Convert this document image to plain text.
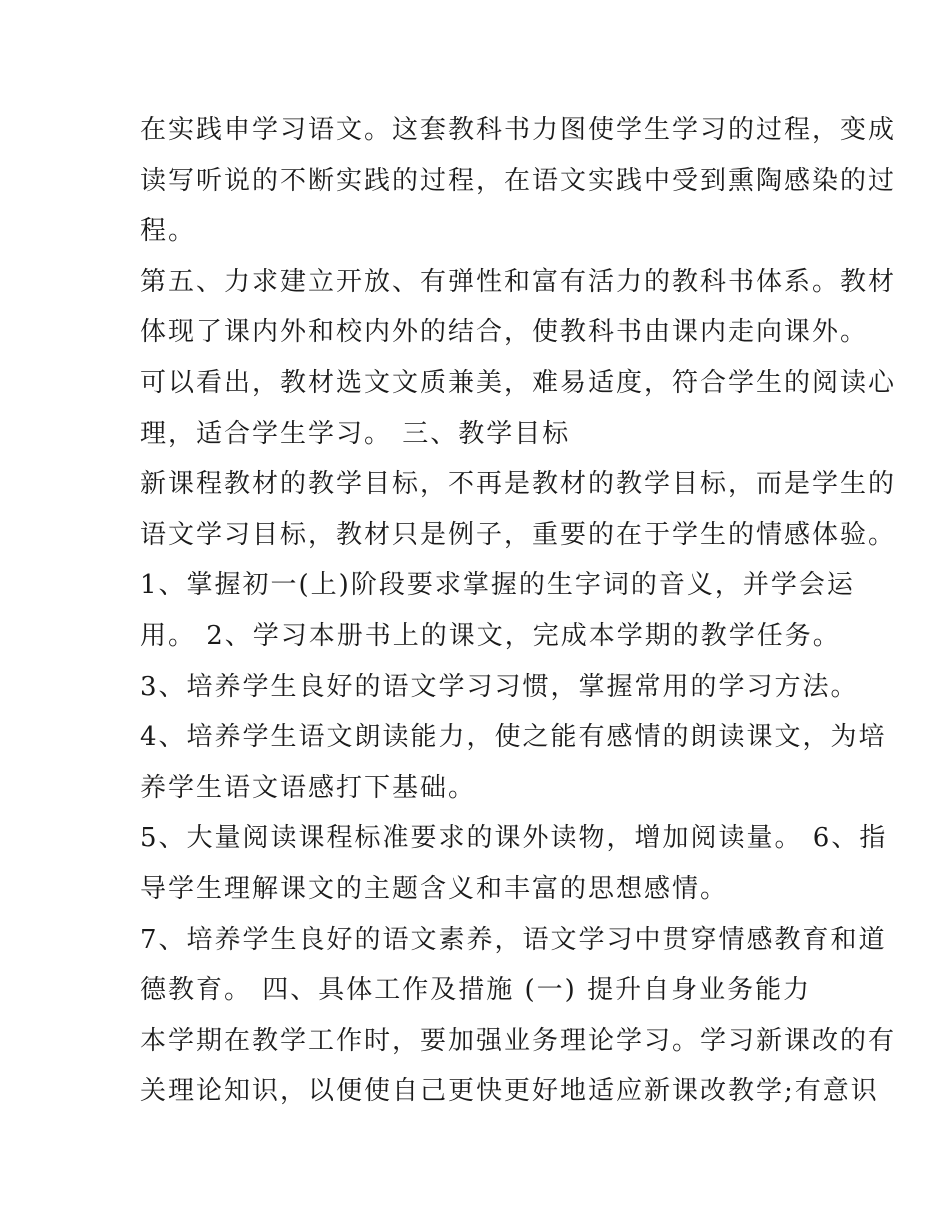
在实践申学习语文。这套教科书力图使学生学习的过程，变成
读写听说的不断实践的过程，在语文实践中受到熏陶感染的过
程。
第五、力求建立开放、有弹性和富有活力的教科书体系。教材
体现了课内外和校内外的结合，使教科书由课内走向课外。
可以看出，教材选文文质兼美，难易适度，符合学生的阅读心
理，适合学生学习。 三、教学目标
新课程教材的教学目标，不再是教材的教学目标，而是学生的
语文学习目标，教材只是例子，重要的在于学生的情感体验。
1、掌握初一(上)阶段要求掌握的生字词的音义，并学会运
用。 2、学习本册书上的课文，完成本学期的教学任务。
3、培养学生良好的语文学习习惯，掌握常用的学习方法。
4、培养学生语文朗读能力，使之能有感情的朗读课文，为培
养学生语文语感打下基础。
5、大量阅读课程标准要求的课外读物，增加阅读量。 6、指
导学生理解课文的主题含义和丰富的思想感情。
7、培养学生良好的语文素养，语文学习中贯穿情感教育和道
德教育。 四、具体工作及措施 (一) 提升自身业务能力
本学期在教学工作时，要加强业务理论学习。学习新课改的有
关理论知识，以便使自己更快更好地适应新课改教学;有意识
